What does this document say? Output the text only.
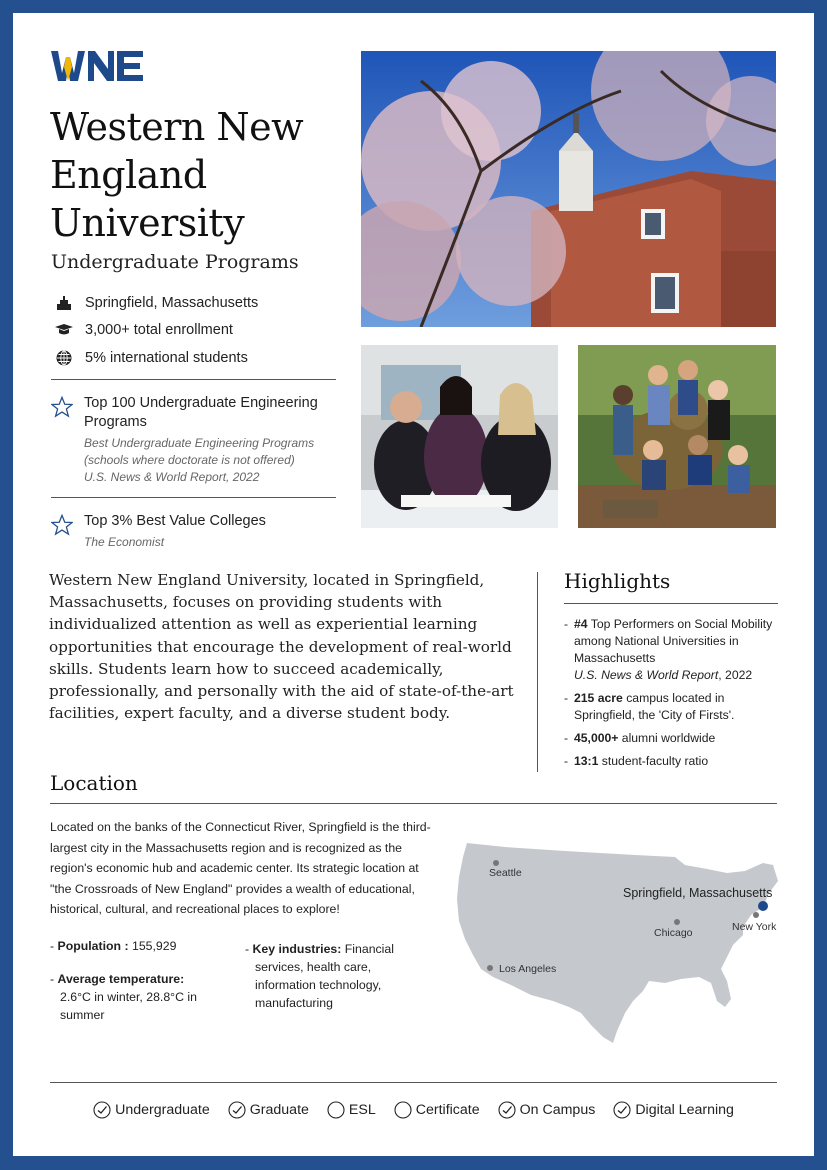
Western New
England
University
Undergraduate Programs
Springfield, Massachusetts
3,000+ total enrollment
5% international students
Top 100 Undergraduate Engineering Programs
Best Undergraduate Engineering Programs (schools where doctorate is not offered)
U.S. News & World Report, 2022
Top 3% Best Value Colleges
The Economist

Western New England University, located in Springfield, Massachusetts, focuses on providing students with individualized attention as well as experiential learning opportunities that encourage the development of real-world skills. Students learn how to succeed academically, professionally, and personally with the aid of state-of-the-art facilities, expert faculty, and a diverse student body.

Highlights
- #4 Top Performers on Social Mobility among National Universities in Massachusetts
U.S. News & World Report, 2022
- 215 acre campus located in Springfield, the 'City of Firsts'.
- 45,000+ alumni worldwide
- 13:1 student-faculty ratio
Location

Located on the banks of the Connecticut River, Springfield is the third-largest city in the Massachusetts region and is recognized as the region's economic hub and academic center. Its strategic location at "the Crossroads of New England" provides a wealth of educational, historical, cultural, and recreational places to explore!

- Population : 155,929
- Average temperature:

2.6°C in winter, 28.8°C in summer
- Key industries: Financial services, health care, information technology, manufacturing
Seattle
Los Angeles
Chicago	New York
Springfield, Massachusetts
Undergraduate	Graduate	ESL	Certificate	On Campus	Digital Learning
